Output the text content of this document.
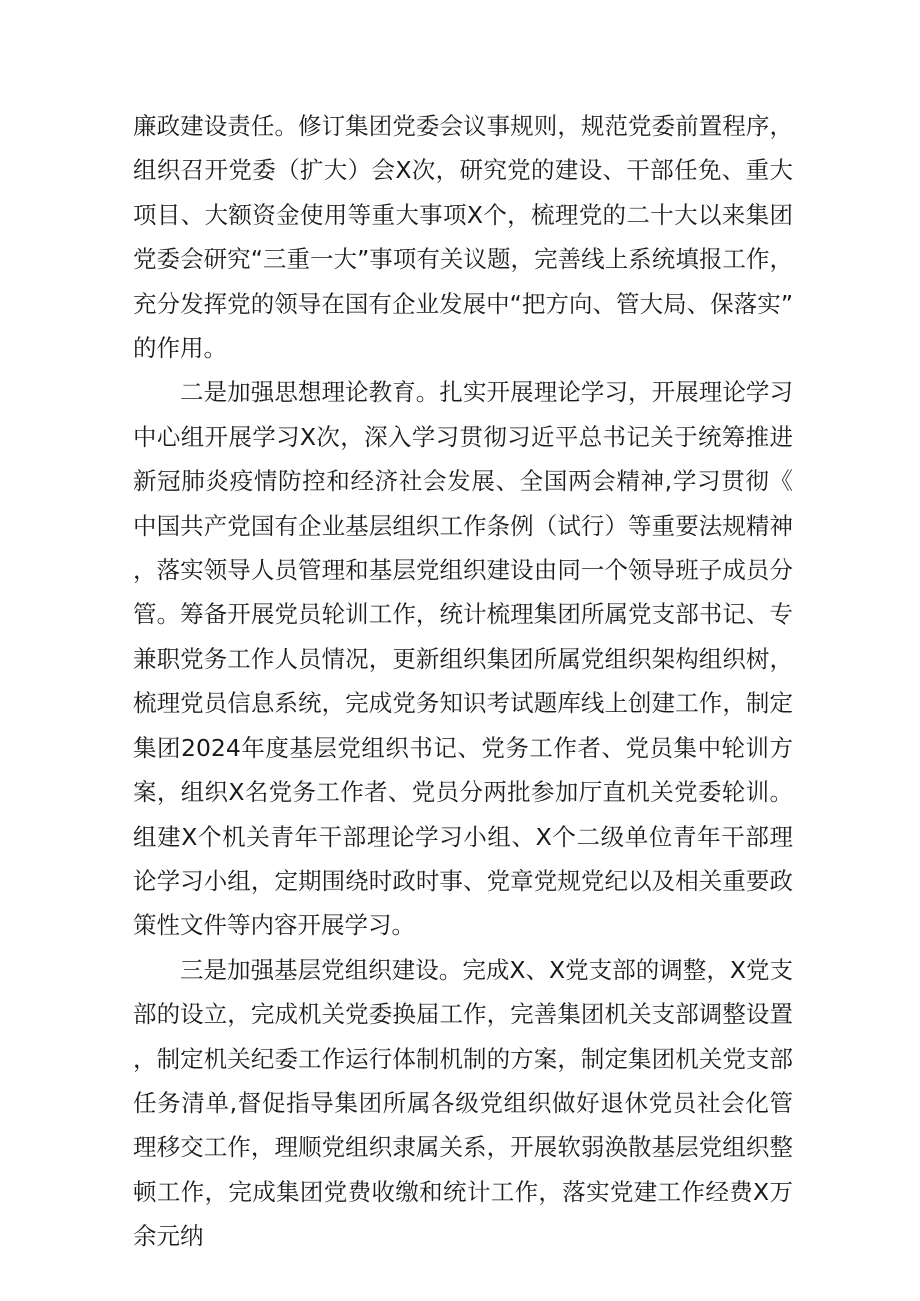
廉政建设责任。修订集团党委会议事规则，规范党委前置程序，组织召开党委（扩大）会X次，研究党的建设、干部任免、重大项目、大额资金使用等重大事项X个，梳理党的二十大以来集团党委会研究“三重一大”事项有关议题，完善线上系统填报工作，充分发挥党的领导在国有企业发展中“把方向、管大局、保落实”的作用。

二是加强思想理论教育。扎实开展理论学习，开展理论学习中心组开展学习X次，深入学习贯彻习近平总书记关于统筹推进新冠肺炎疫情防控和经济社会发展、全国两会精神,学习贯彻《中国共产党国有企业基层组织工作条例（试行）等重要法规精神，落实领导人员管理和基层党组织建设由同一个领导班子成员分管。筹备开展党员轮训工作，统计梳理集团所属党支部书记、专兼职党务工作人员情况，更新组织集团所属党组织架构组织树，梳理党员信息系统，完成党务知识考试题库线上创建工作，制定集团2024年度基层党组织书记、党务工作者、党员集中轮训方案，组织X名党务工作者、党员分两批参加厅直机关党委轮训。组建X个机关青年干部理论学习小组、X个二级单位青年干部理论学习小组，定期围绕时政时事、党章党规党纪以及相关重要政策性文件等内容开展学习。

三是加强基层党组织建设。完成X、X党支部的调整，X党支部的设立，完成机关党委换届工作，完善集团机关支部调整设置，制定机关纪委工作运行体制机制的方案，制定集团机关党支部任务清单,督促指导集团所属各级党组织做好退休党员社会化管理移交工作，理顺党组织隶属关系，开展软弱涣散基层党组织整顿工作，完成集团党费收缴和统计工作，落实党建工作经费X万余元纳
